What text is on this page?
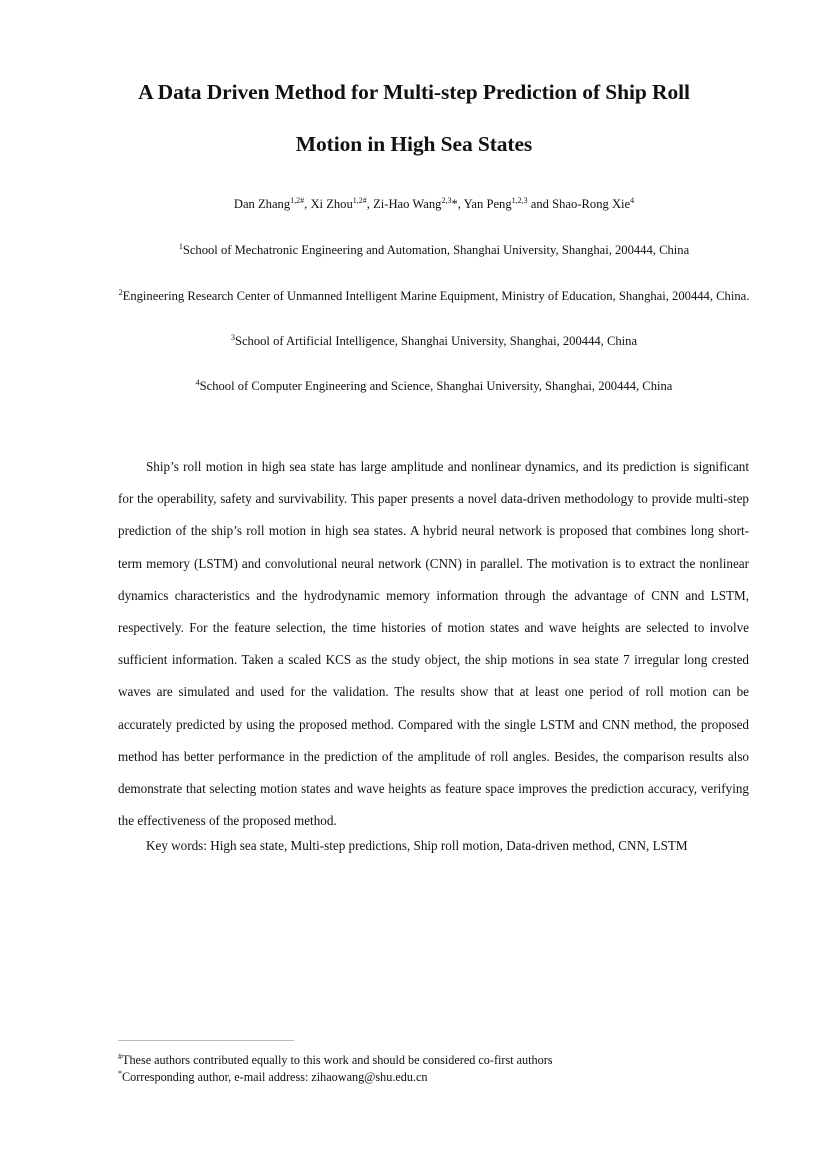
A Data Driven Method for Multi-step Prediction of Ship Roll
Motion in High Sea States

Dan Zhang$^{1,2\#}$, Xi Zhou$^{1,2\#}$, Zi-Hao Wang$^{2,3}$*, Yan Peng$^{1,2,3}$ and Shao-Rong Xie$^4$

$^1$School of Mechatronic Engineering and Automation, Shanghai University, Shanghai, 200444, China

$^2$Engineering Research Center of Unmanned Intelligent Marine Equipment, Ministry of Education, Shanghai, 200444, China.

$^3$School of Artificial Intelligence, Shanghai University, Shanghai, 200444, China

$^4$School of Computer Engineering and Science, Shanghai University, Shanghai, 200444, China

Ship’s roll motion in high sea state has large amplitude and nonlinear dynamics, and its prediction is significant for the operability, safety and survivability. This paper presents a novel data-driven methodology to provide multi-step prediction of the ship’s roll motion in high sea states. A hybrid neural network is proposed that combines long short-term memory (LSTM) and convolutional neural network (CNN) in parallel. The motivation is to extract the nonlinear dynamics characteristics and the hydrodynamic memory information through the advantage of CNN and LSTM, respectively. For the feature selection, the time histories of motion states and wave heights are selected to involve sufficient information. Taken a scaled KCS as the study object, the ship motions in sea state 7 irregular long crested waves are simulated and used for the validation. The results show that at least one period of roll motion can be accurately predicted by using the proposed method. Compared with the single LSTM and CNN method, the proposed method has better performance in the prediction of the amplitude of roll angles. Besides, the comparison results also demonstrate that selecting motion states and wave heights as feature space improves the prediction accuracy, verifying the effectiveness of the proposed method.

Key words: High sea state, Multi-step predictions, Ship roll motion, Data-driven method, CNN, LSTM

#These authors contributed equally to this work and should be considered co-first authors

*Corresponding author, e-mail address: zihaowang@shu.edu.cn
